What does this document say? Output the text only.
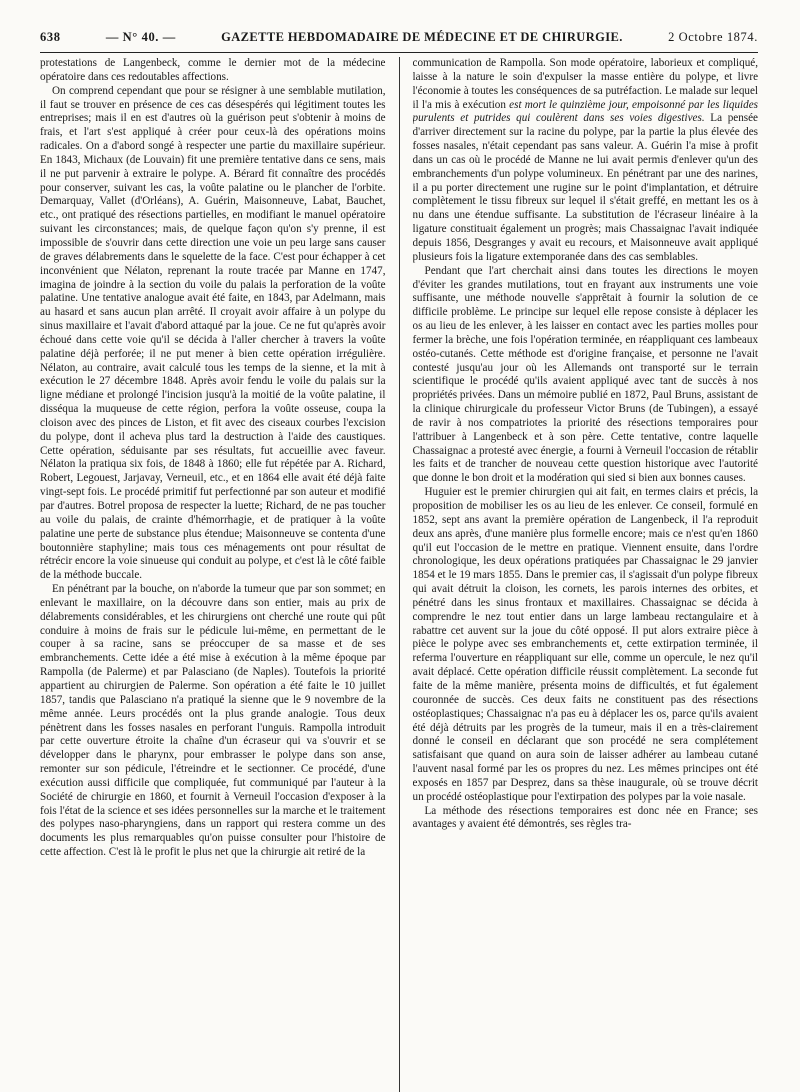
638	— N° 40. —	GAZETTE HEBDOMADAIRE DE MÉDECINE ET DE CHIRURGIE.	2 Octobre 1874.

protestations de Langenbeck, comme le dernier mot de la médecine opératoire dans ces redoutables affections.

On comprend cependant que pour se résigner à une semblable mutilation, il faut se trouver en présence de ces cas désespérés qui légitiment toutes les entreprises; mais il en est d'autres où la guérison peut s'obtenir à moins de frais, et l'art s'est appliqué à créer pour ceux-là des opérations moins radicales. On a d'abord songé à respecter une partie du maxillaire supérieur. En 1843, Michaux (de Louvain) fit une première tentative dans ce sens, mais il ne put parvenir à extraire le polype. A. Bérard fit connaître des procédés pour conserver, suivant les cas, la voûte palatine ou le plancher de l'orbite. Demarquay, Vallet (d'Orléans), A. Guérin, Maisonneuve, Labat, Bauchet, etc., ont pratiqué des résections partielles, en modifiant le manuel opératoire suivant les circonstances; mais, de quelque façon qu'on s'y prenne, il est impossible de s'ouvrir dans cette direction une voie un peu large sans causer de graves délabrements dans le squelette de la face. C'est pour échapper à cet inconvénient que Nélaton, reprenant la route tracée par Manne en 1747, imagina de joindre à la section du voile du palais la perforation de la voûte palatine. Une tentative analogue avait été faite, en 1843, par Adelmann, mais au hasard et sans aucun plan arrêté. Il croyait avoir affaire à un polype du sinus maxillaire et l'avait d'abord attaqué par la joue. Ce ne fut qu'après avoir échoué dans cette voie qu'il se décida à l'aller chercher à travers la voûte palatine déjà perforée; il ne put mener à bien cette opération irrégulière. Nélaton, au contraire, avait calculé tous les temps de la sienne, et la mit à exécution le 27 décembre 1848. Après avoir fendu le voile du palais sur la ligne médiane et prolongé l'incision jusqu'à la moitié de la voûte palatine, il disséqua la muqueuse de cette région, perfora la voûte osseuse, coupa la cloison avec des pinces de Liston, et fit avec des ciseaux courbes l'excision du polype, dont il acheva plus tard la destruction à l'aide des caustiques. Cette opération, séduisante par ses résultats, fut accueillie avec faveur. Nélaton la pratiqua six fois, de 1848 à 1860; elle fut répétée par A. Richard, Robert, Legouest, Jarjavay, Verneuil, etc., et en 1864 elle avait été déjà faite vingt-sept fois. Le procédé primitif fut perfectionné par son auteur et modifié par d'autres. Botrel proposa de respecter la luette; Richard, de ne pas toucher au voile du palais, de crainte d'hémorrhagie, et de pratiquer à la voûte palatine une perte de substance plus étendue; Maisonneuve se contenta d'une boutonnière staphyline; mais tous ces ménagements ont pour résultat de rétrécir encore la voie sinueuse qui conduit au polype, et c'est là le côté faible de la méthode buccale.

En pénétrant par la bouche, on n'aborde la tumeur que par son sommet; en enlevant le maxillaire, on la découvre dans son entier, mais au prix de délabrements considérables, et les chirurgiens ont cherché une route qui pût conduire à moins de frais sur le pédicule lui-même, en permettant de le couper à sa racine, sans se préoccuper de sa masse et de ses embranchements. Cette idée a été mise à exécution à la même époque par Rampolla (de Palerme) et par Palasciano (de Naples). Toutefois la priorité appartient au chirurgien de Palerme. Son opération a été faite le 10 juillet 1857, tandis que Palasciano n'a pratiqué la sienne que le 9 novembre de la même année. Leurs procédés ont la plus grande analogie. Tous deux pénètrent dans les fosses nasales en perforant l'unguis. Rampolla introduit par cette ouverture étroite la chaîne d'un écraseur qui va s'ouvrir et se développer dans le pharynx, pour embrasser le polype dans son anse, remonter sur son pédicule, l'étreindre et le sectionner. Ce procédé, d'une exécution aussi difficile que compliquée, fut communiqué par l'auteur à la Société de chirurgie en 1860, et fournit à Verneuil l'occasion d'exposer à la fois l'état de la science et ses idées personnelles sur la marche et le traitement des polypes naso-pharyngiens, dans un rapport qui restera comme un des documents les plus remarquables qu'on puisse consulter pour l'histoire de cette affection. C'est là le profit le plus net que la chirurgie ait retiré de la

communication de Rampolla. Son mode opératoire, laborieux et compliqué, laisse à la nature le soin d'expulser la masse entière du polype, et livre l'économie à toutes les conséquences de sa putréfaction. Le malade sur lequel il l'a mis à exécution est mort le quinzième jour, empoisonné par les liquides purulents et putrides qui coulèrent dans ses voies digestives. La pensée d'arriver directement sur la racine du polype, par la partie la plus élevée des fosses nasales, n'était cependant pas sans valeur. A. Guérin l'a mise à profit dans un cas où le procédé de Manne ne lui avait permis d'enlever qu'un des embranchements d'un polype volumineux. En pénétrant par une des narines, il a pu porter directement une rugine sur le point d'implantation, et détruire complètement le tissu fibreux sur lequel il s'était greffé, en mettant les os à nu dans une étendue suffisante. La substitution de l'écraseur linéaire à la ligature constituait également un progrès; mais Chassaignac l'avait indiquée depuis 1856, Desgranges y avait eu recours, et Maisonneuve avait appliqué plusieurs fois la ligature extemporanée dans des cas semblables.

Pendant que l'art cherchait ainsi dans toutes les directions le moyen d'éviter les grandes mutilations, tout en frayant aux instruments une voie suffisante, une méthode nouvelle s'apprêtait à fournir la solution de ce difficile problème. Le principe sur lequel elle repose consiste à déplacer les os au lieu de les enlever, à les laisser en contact avec les parties molles pour fermer la brèche, une fois l'opération terminée, en réappliquant ces lambeaux ostéo-cutanés. Cette méthode est d'origine française, et personne ne l'avait contesté jusqu'au jour où les Allemands ont transporté sur le terrain scientifique le procédé qu'ils avaient appliqué avec tant de succès à nos propriétés privées. Dans un mémoire publié en 1872, Paul Bruns, assistant de la clinique chirurgicale du professeur Victor Bruns (de Tubingen), a essayé de ravir à nos compatriotes la priorité des résections temporaires pour l'attribuer à Langenbeck et à son père. Cette tentative, contre laquelle Chassaignac a protesté avec énergie, a fourni à Verneuil l'occasion de rétablir les faits et de trancher de nouveau cette question historique avec l'autorité que donne le bon droit et la modération qui sied si bien aux bonnes causes.

Huguier est le premier chirurgien qui ait fait, en termes clairs et précis, la proposition de mobiliser les os au lieu de les enlever. Ce conseil, formulé en 1852, sept ans avant la première opération de Langenbeck, il l'a reproduit deux ans après, d'une manière plus formelle encore; mais ce n'est qu'en 1860 qu'il eut l'occasion de le mettre en pratique. Viennent ensuite, dans l'ordre chronologique, les deux opérations pratiquées par Chassaignac le 29 janvier 1854 et le 19 mars 1855. Dans le premier cas, il s'agissait d'un polype fibreux qui avait détruit la cloison, les cornets, les parois internes des orbites, et pénétré dans les sinus frontaux et maxillaires. Chassaignac se décida à comprendre le nez tout entier dans un large lambeau rectangulaire et à rabattre cet auvent sur la joue du côté opposé. Il put alors extraire pièce à pièce le polype avec ses embranchements et, cette extirpation terminée, il referma l'ouverture en réappliquant sur elle, comme un opercule, le nez qu'il avait déplacé. Cette opération difficile réussit complètement. La seconde fut faite de la même manière, présenta moins de difficultés, et fut également couronnée de succès. Ces deux faits ne constituent pas des résections ostéoplastiques; Chassaignac n'a pas eu à déplacer les os, parce qu'ils avaient été déjà détruits par les progrès de la tumeur, mais il en a très-clairement donné le conseil en déclarant que son procédé ne sera complétement satisfaisant que quand on aura soin de laisser adhérer au lambeau cutané l'auvent nasal formé par les os propres du nez. Les mêmes principes ont été exposés en 1857 par Desprez, dans sa thèse inaugurale, où se trouve décrit un procédé ostéoplastique pour l'extirpation des polypes par la voie nasale.

La méthode des résections temporaires est donc née en France; ses avantages y avaient été démontrés, ses règles tra-
